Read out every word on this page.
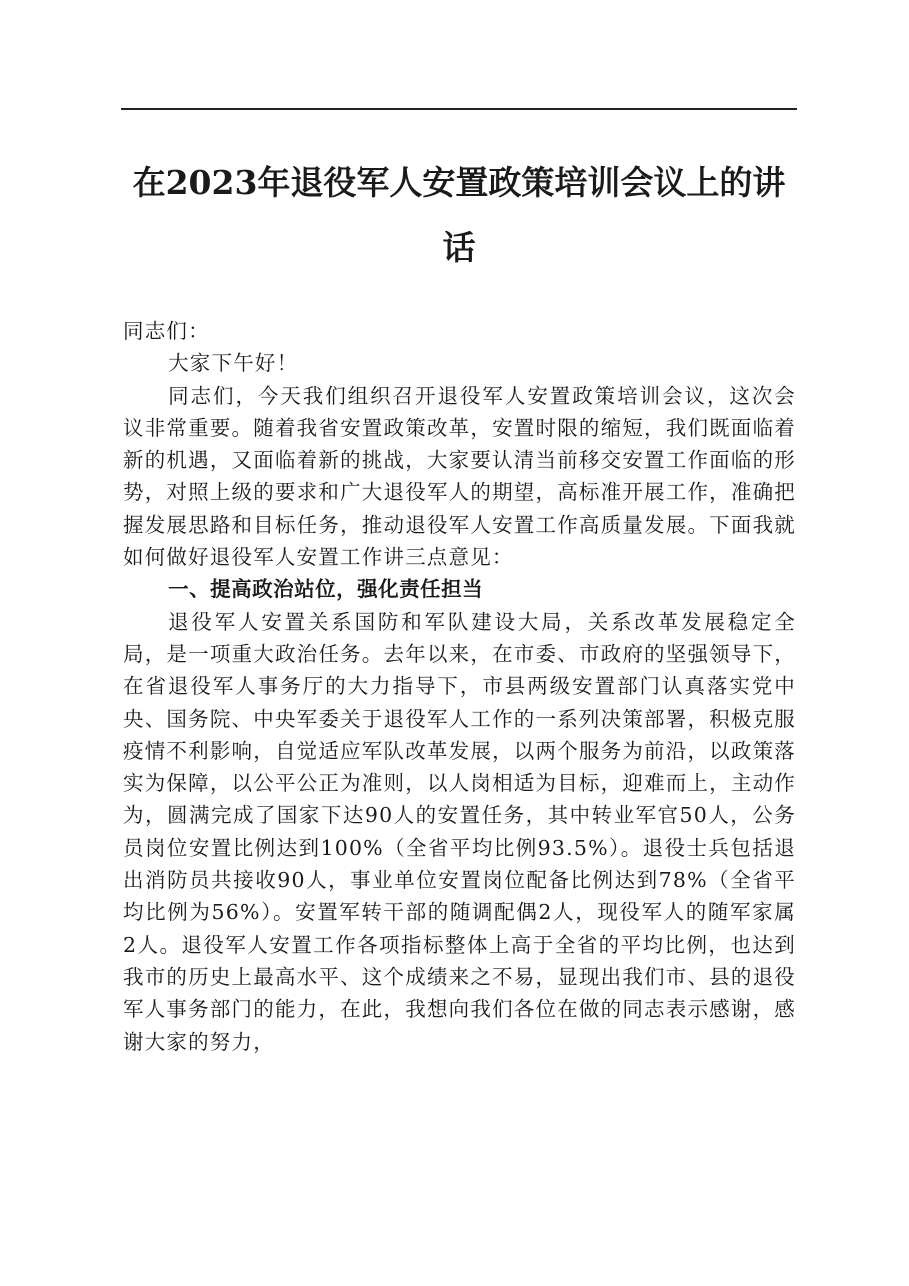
在2023年退役军人安置政策培训会议上的讲话

同志们：

大家下午好！

同志们，今天我们组织召开退役军人安置政策培训会议，这次会议非常重要。随着我省安置政策改革，安置时限的缩短，我们既面临着新的机遇，又面临着新的挑战，大家要认清当前移交安置工作面临的形势，对照上级的要求和广大退役军人的期望，高标准开展工作，准确把握发展思路和目标任务，推动退役军人安置工作高质量发展。下面我就如何做好退役军人安置工作讲三点意见：

一、提高政治站位，强化责任担当

退役军人安置关系国防和军队建设大局，关系改革发展稳定全局，是一项重大政治任务。去年以来，在市委、市政府的坚强领导下，在省退役军人事务厅的大力指导下，市县两级安置部门认真落实党中央、国务院、中央军委关于退役军人工作的一系列决策部署，积极克服疫情不利影响，自觉适应军队改革发展，以两个服务为前沿，以政策落实为保障，以公平公正为准则，以人岗相适为目标，迎难而上，主动作为，圆满完成了国家下达90人的安置任务，其中转业军官50人，公务员岗位安置比例达到100%（全省平均比例93.5%）。退役士兵包括退出消防员共接收90人，事业单位安置岗位配备比例达到78%（全省平均比例为56%）。安置军转干部的随调配偶2人，现役军人的随军家属2人。退役军人安置工作各项指标整体上高于全省的平均比例，也达到我市的历史上最高水平、这个成绩来之不易，显现出我们市、县的退役军人事务部门的能力，在此，我想向我们各位在做的同志表示感谢，感谢大家的努力，
